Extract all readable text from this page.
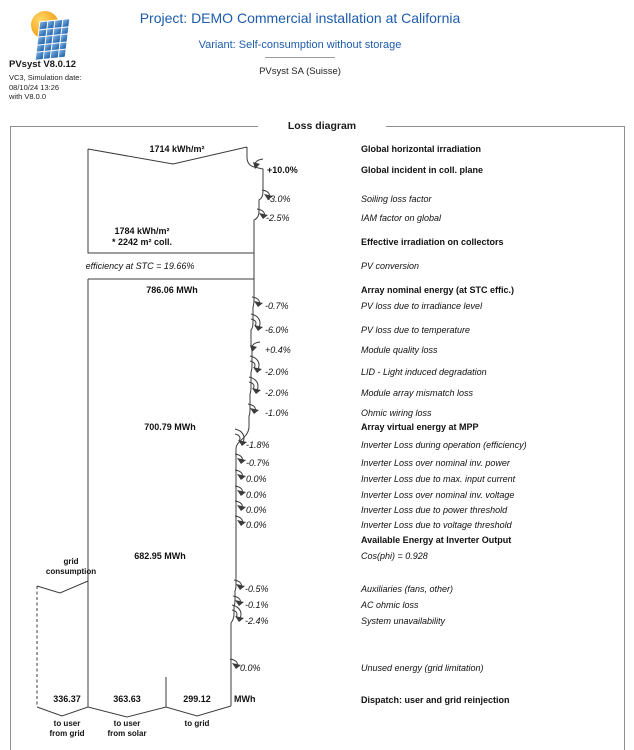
Project: DEMO Commercial installation at California
Variant: Self-consumption without storage
PVsyst SA (Suisse)
PVsyst V8.0.12
VC3, Simulation date:
08/10/24 13:26
with V8.0.0
Loss diagram
1714 kWh/m²	Global horizontal irradiation
+10.0%	Global incident in coll. plane
-3.0%	Soiling loss factor
-2.5%	IAM factor on global
1784 kWh/m²
* 2242 m² coll.	Effective irradiation on collectors
efficiency at STC = 19.66%	PV conversion
786.06 MWh	Array nominal energy (at STC effic.)
-0.7%	PV loss due to irradiance level
-6.0%	PV loss due to temperature
+0.4%	Module quality loss
-2.0%	LID - Light induced degradation
-2.0%	Module array mismatch loss
-1.0%	Ohmic wiring loss
700.79 MWh	Array virtual energy at MPP
-1.8%	Inverter Loss during operation (efficiency)
-0.7%	Inverter Loss over nominal inv. power
0.0%	Inverter Loss due to max. input current
0.0%	Inverter Loss over nominal inv. voltage
0.0%	Inverter Loss due to power threshold
0.0%	Inverter Loss due to voltage threshold
Available Energy at Inverter Output
682.95 MWh	Cos(phi) = 0.928
-0.5%	Auxiliaries (fans, other)
-0.1%	AC ohmic loss
-2.4%	System unavailability
0.0%	Unused energy (grid limitation)
Dispatch: user and grid reinjection
grid
consumption
336.37	363.63	299.12	MWh
to user
from grid
to user
from solar
to grid
